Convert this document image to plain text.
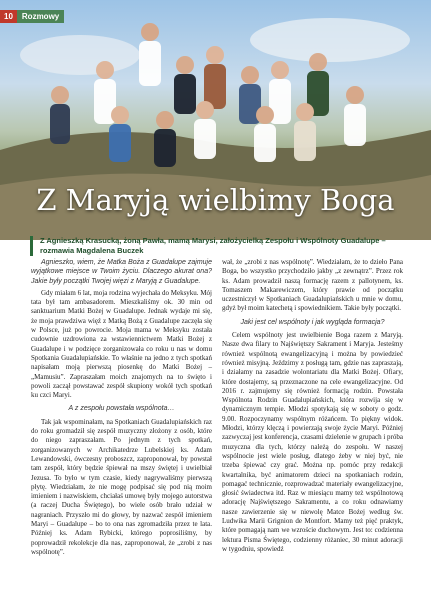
10	Rozmowy
Z Maryją wielbimy Boga
Z Agnieszką Krasucką, żoną Pawła, mamą Marysi, założycielką Zespołu i Wspólnoty Guadalupe – rozmawia Magdalena Buczek

Agnieszko, wiem, że Matka Boża z Guadalupe zajmuje wyjątkowe miejsce w Twoim życiu. Dlaczego akurat ona? Jakie były początki Twojej więzi z Maryją z Guadalupe.

Gdy miałam 6 lat, moja rodzina wyjechała do Meksyku. Mój tata był tam ambasadorem. Mieszkaliśmy ok. 30 min od sanktuarium Matki Bożej w Guadalupe. Jednak wydaje mi się, że moja prawdziwa więź z Matką Bożą z Guadalupe zaczęła się w Polsce, już po powrocie. Moja mama w Meksyku została cudownie uzdrowiona za wstawiennictwem Matki Bożej z Guadalupe i w podzięce zorganizowała co roku u nas w domu Spotkania Guadalupiańskie. To właśnie na jedno z tych spotkań napisałam moją pierwszą piosenkę do Matki Bożej – „Mamusiu”. Zapraszałam moich znajomych na to święto i powoli zaczął powstawać zespół skupiony wokół tych spotkań ku czci Maryi.

A z zespołu powstała wspólnota…

Tak jak wspominałam, na Spotkaniach Guadalupiańskich raz do roku gromadził się zespół muzyczny złożony z osób, które do niego zapraszałam. Po jednym z tych spotkań, zorganizowanych w Archikatedrze Lubelskiej ks. Adam Lewandowski, ówczesny proboszcz, zaproponował, by powstał tam zespół, który będzie śpiewał na mszy świętej i uwielbiał Jezusa. To było w tym czasie, kiedy nagrywaliśmy pierwszą płytę. Wiedziałam, że nie mogę podpisać się pod nią moim imieniem i nazwiskiem, chciałaś umowę były mojego autorstwa (a raczej Ducha Świętego), bo wiele osób brało udział w nagraniach. Przyszło mi do głowy, by nazwać zespół imieniem Maryi – Guadalupe – bo to ona nas zgromadziła przez te lata. Później ks. Adam Rybicki, którego poprosiliśmy, by poprowadził rekolekcje dla nas, zaproponował, że „zrobi z nas wspólnotę”.

wał, że „zrobi z nas wspólnotę”. Wiedziałam, że to dzieło Pana Boga, bo wszystko przychodziło jakby „z zewnątrz”. Przez rok ks. Adam prowadził naszą formację razem z pallotynem, ks. Tomaszem Makarewiczem, który prawie od początku uczestniczył w Spotkaniach Guadalupiańskich u mnie w domu, gdyż był moim katechetą i spowiednikiem. Takie były początki.

Jaki jest cel wspólnoty i jak wygląda formacja?

Celem wspólnoty jest uwielbienie Boga razem z Maryją. Nasze dwa filary to Najświętszy Sakrament i Maryja. Jesteśmy również wspólnotą ewangelizacyjną i można by powiedzieć również misyjną. Jeździmy z posługą tam, gdzie nas zapraszają, i działamy na zasadzie wolontariatu dla Matki Bożej. Ofiary, które dostajemy, są przeznaczone na cele ewangelizacyjne. Od 2016 r. zajmujemy się również formacją rodzin. Powstała Wspólnota Rodzin Guadalupiańskich, która rozwija się w dynamicznym tempie. Młodzi spotykają się w soboty o godz. 9.00. Rozpoczynamy wspólnym różańcem. To piękny widok. Młodzi, którzy klęczą i powierzają swoje życie Maryi. Później zazwyczaj jest konferencja, czasami dzielenie w grupach i próba muzyczna dla tych, którzy należą do zespołu. W naszej wspólnocie jest wiele posług, dlatego żeby w niej być, nie trzeba śpiewać czy grać. Można np. pomóc przy redakcji kwartalnika, być animatorem dzieci na spotkaniach rodzin, pomagać technicznie, rozprowadzać materiały ewangelizacyjne, głosić świadectwa itd. Raz w miesiącu mamy też wspólnotową adorację Najświętszego Sakramentu, a co roku odnawiamy nasze zawierzenie się w niewolę Matce Bożej według św. Ludwika Marii Grignion de Montfort. Mamy też pięć praktyk, które pomagają nam we wzroście duchowym. Jest to: codzienna lektura Pisma Świętego, codzienny różaniec, 30 minut adoracji w tygodniu, spowiedź
